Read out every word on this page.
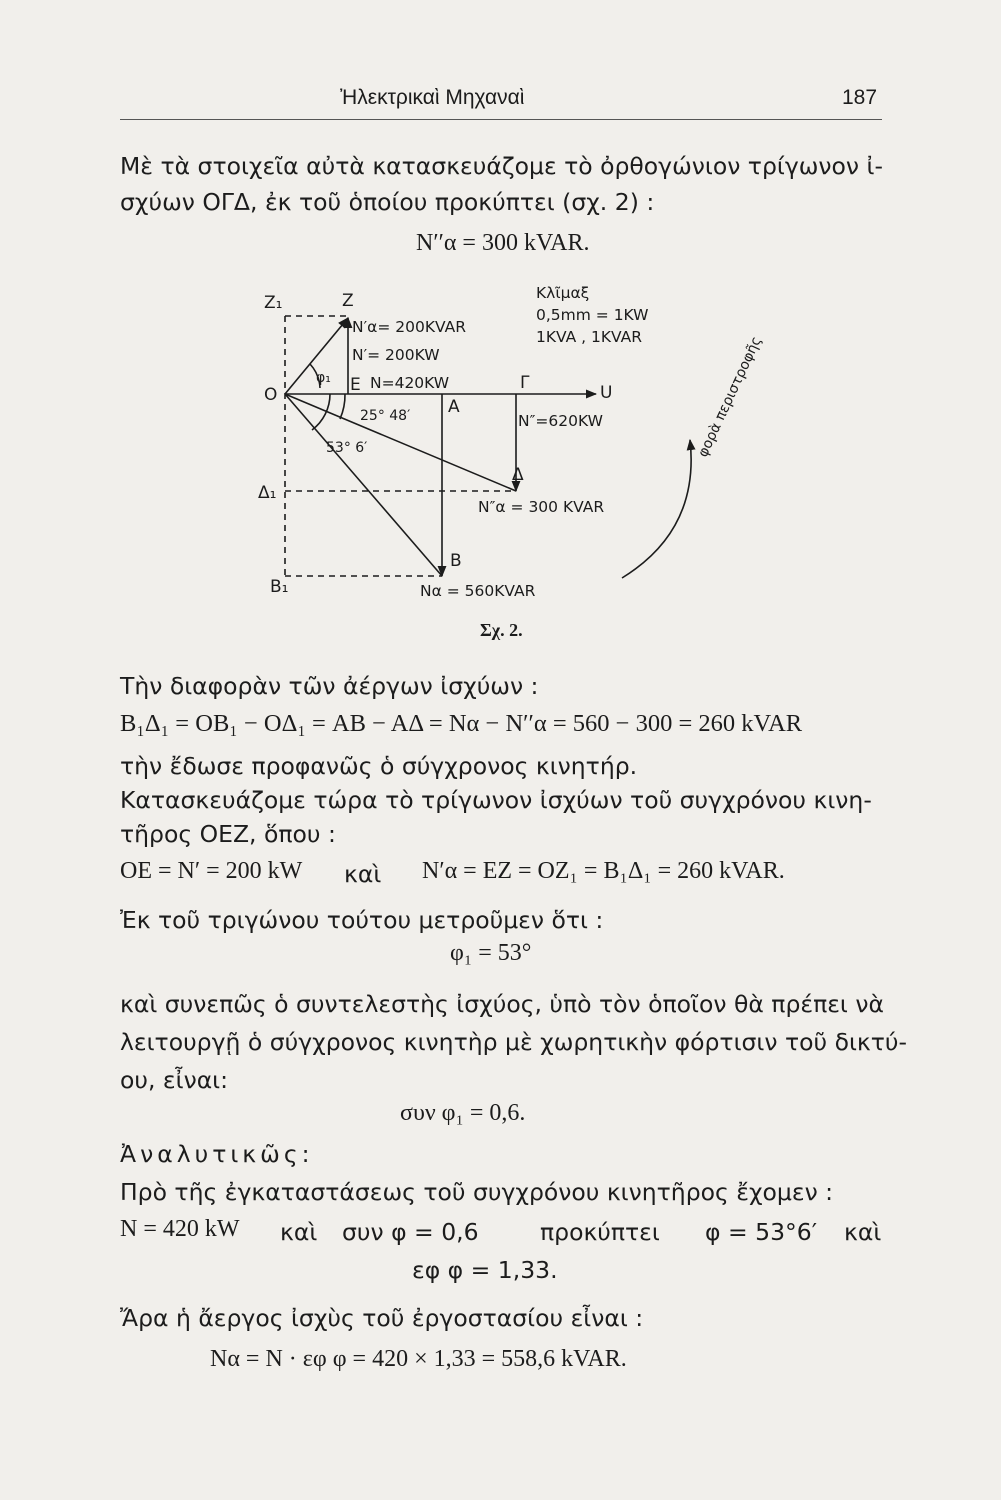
Ἠλεκτρικαὶ Μηχαναὶ	187
Μὲ τὰ στοιχεῖα αὐτὰ κατασκευάζομε τὸ ὀρθογώνιον τρίγωνον ἰ-
σχύων ΟΓΔ, ἐκ τοῦ ὁποίου προκύπτει (σχ. 2) :
N′′α = 300 kVAR.
Z₁	Z
O	E
A
Γ	U
Δ
Δ₁
B
B₁
φ₁
N′α= 200KVAR
N′= 200KW
N=420KW
25° 48′
53° 6′
N″=620KW
N″α = 300 KVAR
Nα = 560KVAR
Κλῖμαξ
0,5mm = 1KW
1KVA , 1KVAR	φορὰ περιστροφῆς
Σχ. 2.
Τὴν διαφορὰν τῶν ἀέργων ἰσχύων :
B₁Δ₁ = OB₁ − OΔ₁ = AB − AΔ = Nα − N′′α = 560 − 300 = 260 kVAR
τὴν ἔδωσε προφανῶς ὁ σύγχρονος κινητήρ.
Κατασκευάζομε τώρα τὸ τρίγωνον ἰσχύων τοῦ συγχρόνου κινη-
τῆρος OEZ, ὅπου :
OE = N′ = 200 kW καὶ N′α = EZ = OZ₁ = B₁Δ₁ = 260 kVAR.
Ἐκ τοῦ τριγώνου τούτου μετροῦμεν ὅτι :
φ₁ = 53°
καὶ συνεπῶς ὁ συντελεστὴς ἰσχύος, ὑπὸ τὸν ὁποῖον θὰ πρέπει νὰ
λειτουργῇ ὁ σύγχρονος κινητὴρ μὲ χωρητικὴν φόρτισιν τοῦ δικτύ-
ου, εἶναι:
συν φ₁ = 0,6.
Ἀναλυτικῶς:
Πρὸ τῆς ἐγκαταστάσεως τοῦ συγχρόνου κινητῆρος ἔχομεν :
N = 420 kW καὶ συν φ = 0,6	προκύπτει φ = 53°6′ καὶ
εφ φ = 1,33.
Ἄρα ἡ ἄεργος ἰσχὺς τοῦ ἐργοστασίου εἶναι :
Nα = N · εφ φ = 420 × 1,33 = 558,6 kVAR.
